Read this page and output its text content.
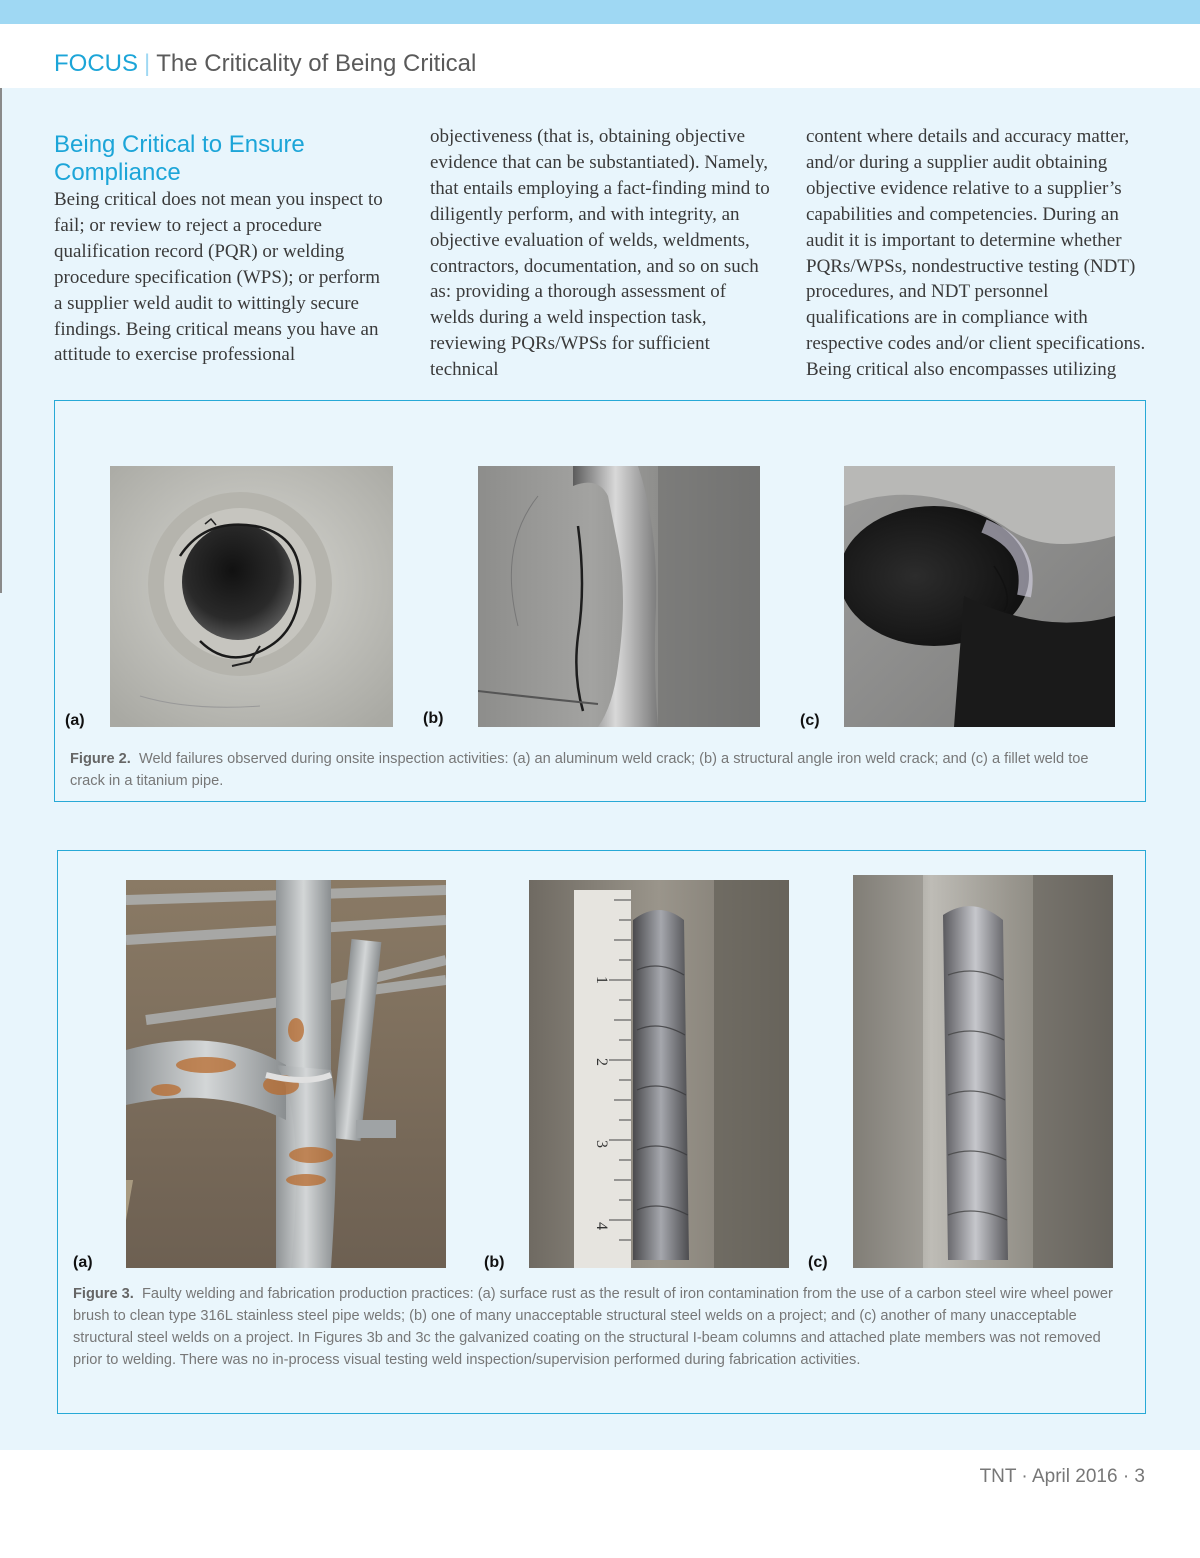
FOCUS | The Criticality of Being Critical
Being Critical to Ensure Compliance

Being critical does not mean you inspect to fail; or review to reject a procedure qualification record (PQR) or welding procedure specification (WPS); or perform a supplier weld audit to wittingly secure findings. Being critical means you have an attitude to exercise professional

objectiveness (that is, obtaining objective evidence that can be substantiated). Namely, that entails employing a fact-finding mind to diligently perform, and with integrity, an objective evaluation of welds, weldments, contractors, documentation, and so on such as: providing a thorough assessment of welds during a weld inspection task, reviewing PQRs/WPSs for sufficient technical

content where details and accuracy matter, and/or during a supplier audit obtaining objective evidence relative to a supplier’s capabilities and competencies. During an audit it is important to determine whether PQRs/WPSs, nondestructive testing (NDT) procedures, and NDT personnel qualifications are in compliance with respective codes and/or client specifications. Being critical also encompasses utilizing

(a)	(b)	(c)
Figure 2. Weld failures observed during onsite inspection activities: (a) an aluminum weld crack; (b) a structural angle iron weld crack; and (c) a fillet weld toe crack in a titanium pipe.
(a)
1
2
3
4
(b)	(c)
Figure 3. Faulty welding and fabrication production practices: (a) surface rust as the result of iron contamination from the use of a carbon steel wire wheel power brush to clean type 316L stainless steel pipe welds; (b) one of many unacceptable structural steel welds on a project; and (c) another of many unacceptable structural steel welds on a project. In Figures 3b and 3c the galvanized coating on the structural I-beam columns and attached plate members was not removed prior to welding. There was no in-process visual testing weld inspection/supervision performed during fabrication activities.
TNT · April 2016 · 3
